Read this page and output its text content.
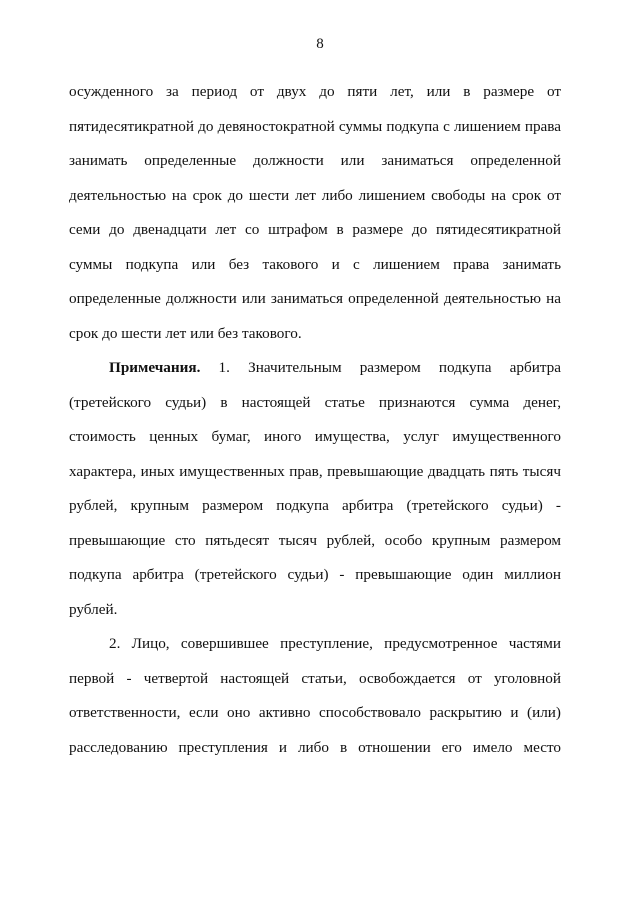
8
осужденного за период от двух до пяти лет, или в размере от
пятидесятикратной до девяностократной суммы подкупа с лишением права
занимать определенные должности или заниматься определенной
деятельностью на срок до шести лет либо лишением свободы на срок от
семи до двенадцати лет со штрафом в размере до пятидесятикратной
суммы подкупа или без такового и с лишением права занимать
определенные должности или заниматься определенной деятельностью на
срок до шести лет или без такового.
Примечания. 1. Значительным размером подкупа арбитра
(третейского судьи) в настоящей статье признаются сумма денег,
стоимость ценных бумаг, иного имущества, услуг имущественного
характера, иных имущественных прав, превышающие двадцать пять тысяч
рублей, крупным размером подкупа арбитра (третейского судьи) -
превышающие сто пятьдесят тысяч рублей, особо крупным размером
подкупа арбитра (третейского судьи) - превышающие один миллион
рублей.
2. Лицо, совершившее преступление, предусмотренное частями
первой - четвертой настоящей статьи, освобождается от уголовной
ответственности, если оно активно способствовало раскрытию и (или)
расследованию преступления и либо в отношении его имело место
